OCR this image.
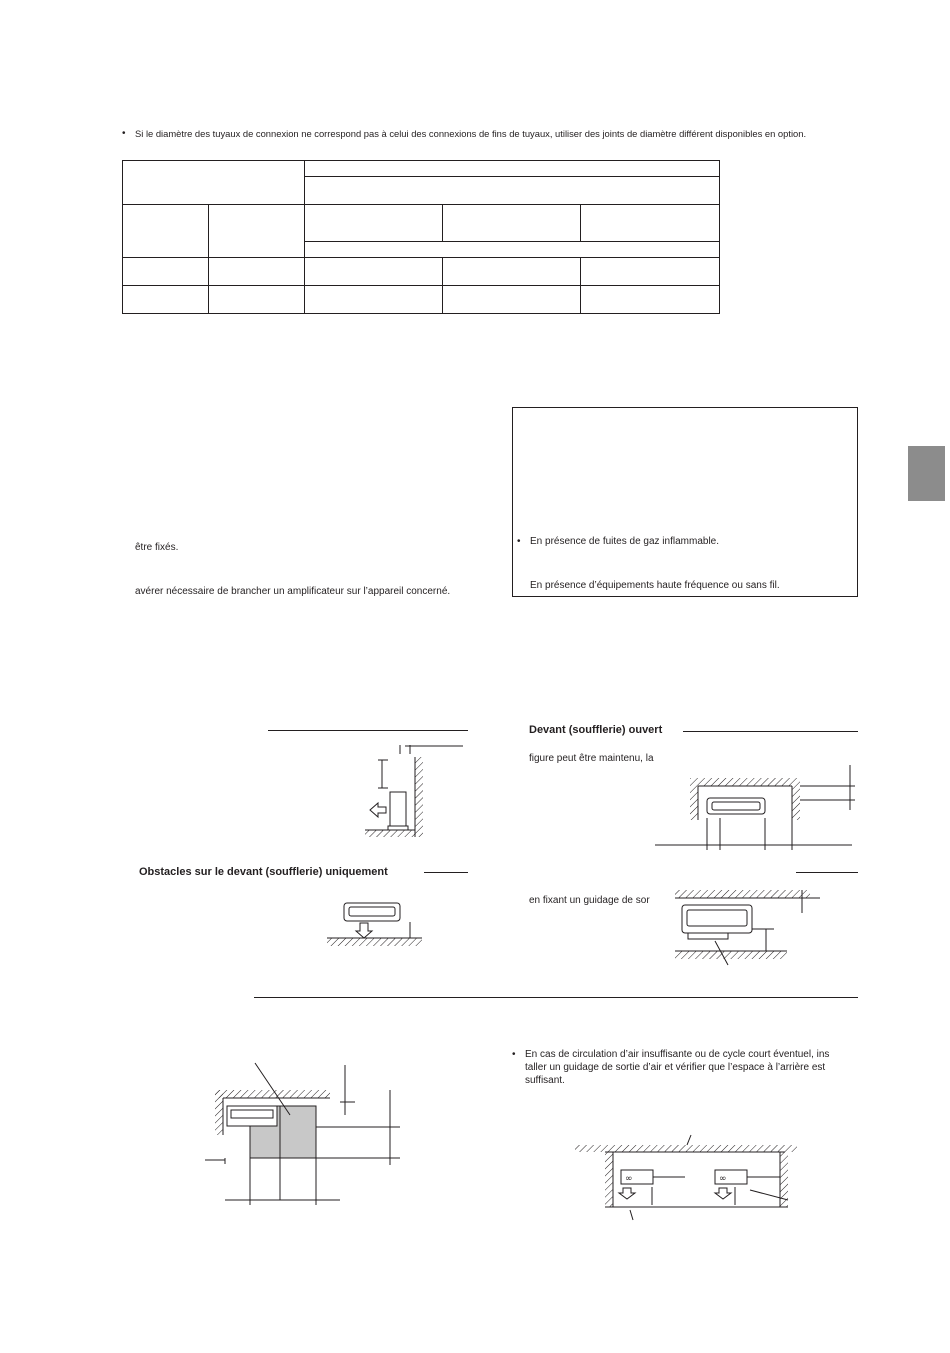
• Si le diamètre des tuyaux de connexion ne correspond pas à celui des connexions de fins de tuyaux, utiliser des joints de diamètre différent disponibles en option.
être fixés.
avérer nécessaire de brancher un amplificateur sur l’appareil concerné.
• En présence de fuites de gaz inflammable.
En présence d’équipements haute fréquence ou sans fil.
Devant (soufflerie) ouvert
figure peut être maintenu, la
Obstacles sur le devant (soufflerie) uniquement
en fixant un guidage de sor
• En cas de circulation d’air insuffisante ou de cycle court éventuel, ins
taller un guidage de sortie d’air et vérifier que l’espace à l’arrière est
suffisant.
∞	∞
